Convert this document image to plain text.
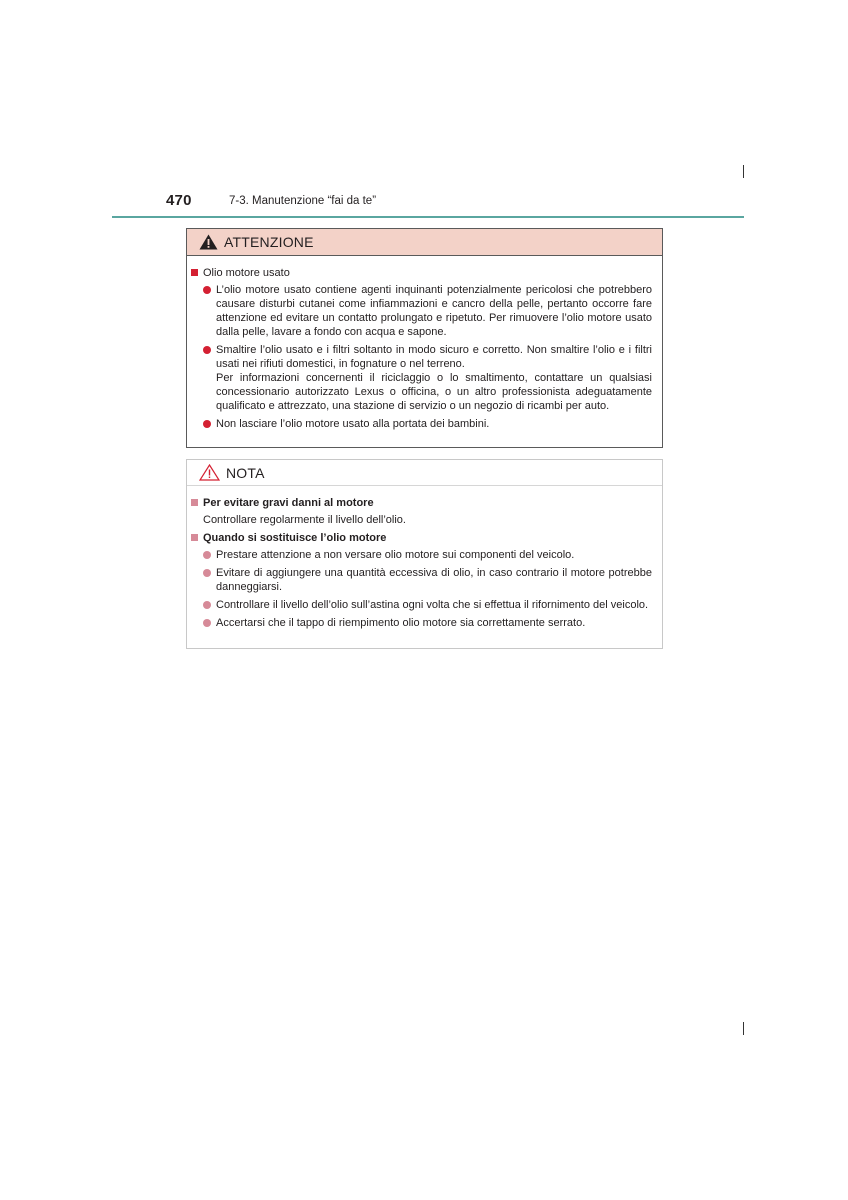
470	7-3. Manutenzione “fai da te”
ATTENZIONE
Olio motore usato

L’olio motore usato contiene agenti inquinanti potenzialmente pericolosi che potrebbero causare disturbi cutanei come infiammazioni e cancro della pelle, pertanto occorre fare attenzione ed evitare un contatto prolungato e ripetuto. Per rimuovere l’olio motore usato dalla pelle, lavare a fondo con acqua e sapone.

Smaltire l’olio usato e i filtri soltanto in modo sicuro e corretto. Non smaltire l’olio e i filtri usati nei rifiuti domestici, in fognature o nel terreno.

Per informazioni concernenti il riciclaggio o lo smaltimento, contattare un qualsiasi concessionario autorizzato Lexus o officina, o un altro professionista adeguatamente qualificato e attrezzato, una stazione di servizio o un negozio di ricambi per auto.

Non lasciare l’olio motore usato alla portata dei bambini.

NOTA
Per evitare gravi danni al motore
Controllare regolarmente il livello dell’olio.
Quando si sostituisce l’olio motore

Prestare attenzione a non versare olio motore sui componenti del veicolo.

Evitare di aggiungere una quantità eccessiva di olio, in caso contrario il motore potrebbe danneggiarsi.

Controllare il livello dell’olio sull’astina ogni volta che si effettua il rifornimento del veicolo.

Accertarsi che il tappo di riempimento olio motore sia correttamente serrato.
